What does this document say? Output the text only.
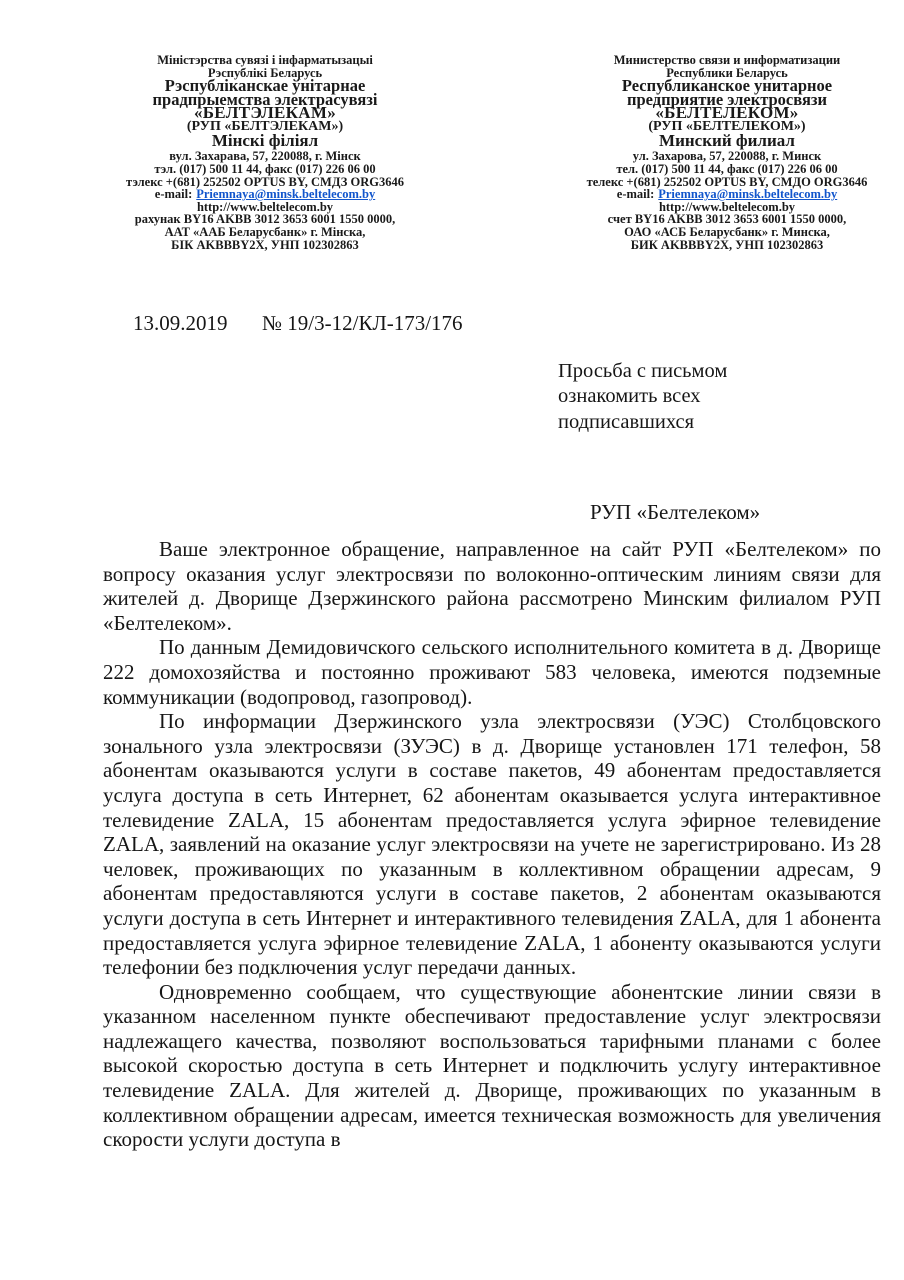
Міністэрства сувязі і інфарматызацыі
Рэспублікі Беларусь
Рэспубліканскае ўнітарнае
прадпрыемства электрасувязі
«БЕЛТЭЛЕКАМ»
(РУП «БЕЛТЭЛЕКАМ»)
Мінскі філіял
вул. Захарава, 57, 220088, г. Мінск
тэл. (017) 500 11 44, факс (017) 226 06 00
тэлекс +(681) 252502 OPTUS BY, СМДЗ ORG3646
e-mail: Priemnaya@minsk.beltelecom.by
http://www.beltelecom.by
рахунак BY16 AKBB 3012 3653 6001 1550 0000,
ААТ «ААБ Беларусбанк» г. Мінска,
БІК AKBBBY2X, УНП 102302863
Министерство связи и информатизации
Республики Беларусь
Республиканское унитарное
предприятие электросвязи
«БЕЛТЕЛЕКОМ»
(РУП «БЕЛТЕЛЕКОМ»)
Минский филиал
ул. Захарова, 57, 220088, г. Минск
тел. (017) 500 11 44, факс (017) 226 06 00
телекс +(681) 252502 OPTUS BY, СМДО ORG3646
e-mail: Priemnaya@minsk.beltelecom.by
http://www.beltelecom.by
счет BY16 AKBB 3012 3653 6001 1550 0000,
ОАО «АСБ Беларусбанк» г. Минска,
БИК AKBBBY2X, УНП 102302863
13.09.2019 № 19/3-12/КЛ-173/176
Просьба с письмом
ознакомить всех
подписавшихся
РУП «Белтелеком»

Ваше электронное обращение, направленное на сайт РУП «Белтелеком» по вопросу оказания услуг электросвязи по волоконно-оптическим линиям связи для жителей д. Дворище Дзержинского района рассмотрено Минским филиалом РУП «Белтелеком».

По данным Демидовичского сельского исполнительного комитета в д. Дворище 222 домохозяйства и постоянно проживают 583 человека, имеются подземные коммуникации (водопровод, газопровод).

По информации Дзержинского узла электросвязи (УЭС) Столбцовского зонального узла электросвязи (ЗУЭС) в д. Дворище установлен 171 телефон, 58 абонентам оказываются услуги в составе пакетов, 49 абонентам предоставляется услуга доступа в сеть Интернет, 62 абонентам оказывается услуга интерактивное телевидение ZALA, 15 абонентам предоставляется услуга эфирное телевидение ZALA, заявлений на оказание услуг электросвязи на учете не зарегистрировано. Из 28 человек, проживающих по указанным в коллективном обращении адресам, 9 абонентам предоставляются услуги в составе пакетов, 2 абонентам оказываются услуги доступа в сеть Интернет и интерактивного телевидения ZALA, для 1 абонента предоставляется услуга эфирное телевидение ZALA, 1 абоненту оказываются услуги телефонии без подключения услуг передачи данных.

Одновременно сообщаем, что существующие абонентские линии связи в указанном населенном пункте обеспечивают предоставление услуг электросвязи надлежащего качества, позволяют воспользоваться тарифными планами с более высокой скоростью доступа в сеть Интернет и подключить услугу интерактивное телевидение ZALA. Для жителей д. Дворище, проживающих по указанным в коллективном обращении адресам, имеется техническая возможность для увеличения скорости услуги доступа в
